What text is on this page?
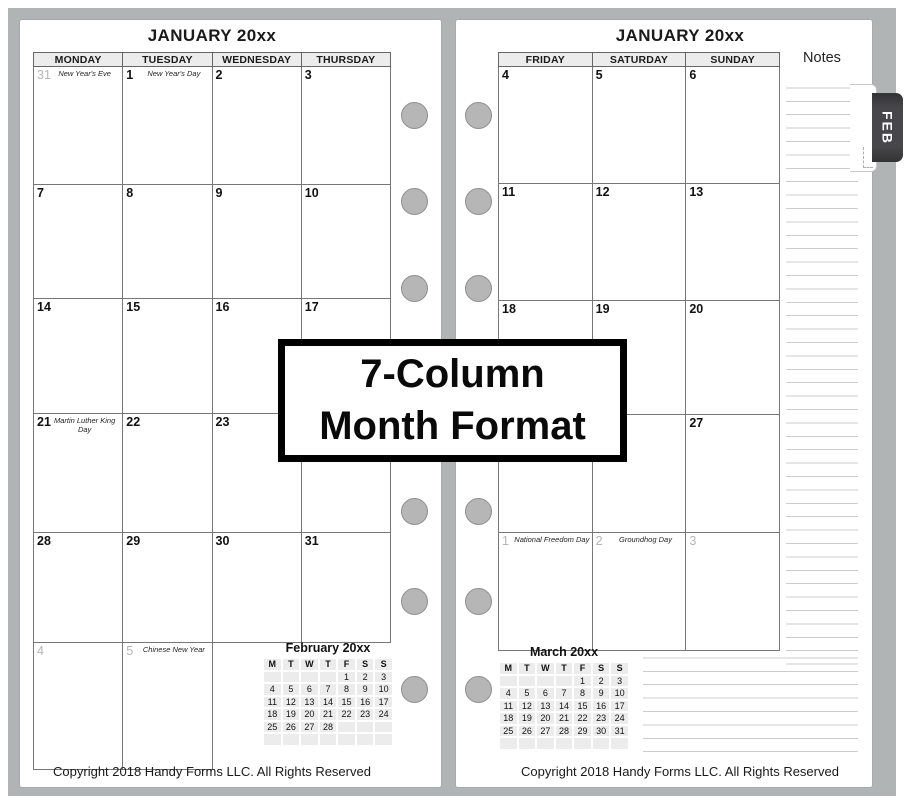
JANUARY 20xx
MONDAY	TUESDAY	WEDNESDAY	THURSDAY

31 New Year's Eve	1 New Year's Day	2	3

7	8	9	10

14	15	16	17

21 Martin Luther King Day	22	23	

28	29	30	31

4	5 Chinese New Year		
		February 20xx
M	T	W	T	F	S	S
				1	2	3
4	5	6	7	8	9	10
11	12	13	14	15	16	17
18	19	20	21	22	23	24
25	26	27	28			

Copyright 2018 Handy Forms LLC. All Rights Reserved
JANUARY 20xx
FRIDAY	SATURDAY	SUNDAY

4	5	6

11	12	13

18	19	20

		27

1 National Freedom Day	2 Groundhog Day	3
Notes
March 20xx
M	T	W	T	F	S	S
				1	2	3
4	5	6	7	8	9	10
11	12	13	14	15	16	17
18	19	20	21	22	23	24
25	26	27	28	29	30	31

Copyright 2018 Handy Forms LLC. All Rights Reserved
FEB
7-Column
Month Format
